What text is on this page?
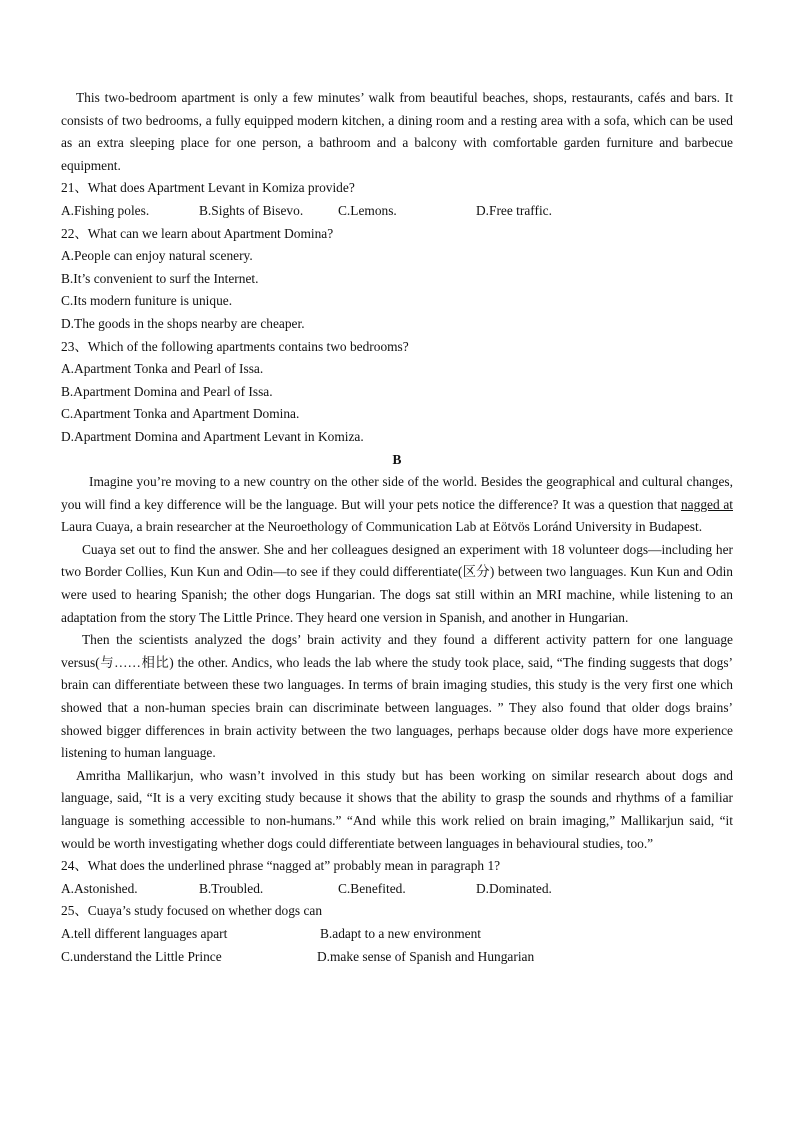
This two-bedroom apartment is only a few minutes’ walk from beautiful beaches, shops, restaurants, cafés and bars. It consists of two bedrooms, a fully equipped modern kitchen, a dining room and a resting area with a sofa, which can be used as an extra sleeping place for one person, a bathroom and a balcony with comfortable garden furniture and barbecue equipment.

21、What does Apartment Levant in Komiza provide?

A.Fishing poles.	B.Sights of Bisevo.	C.Lemons.	D.Free traffic.

22、What can we learn about Apartment Domina?

A.People can enjoy natural scenery.

B.It’s convenient to surf the Internet.

C.Its modern funiture is unique.

D.The goods in the shops nearby are cheaper.

23、Which of the following apartments contains two bedrooms?

A.Apartment Tonka and Pearl of Issa.

B.Apartment Domina and Pearl of Issa.

C.Apartment Tonka and Apartment Domina.

D.Apartment Domina and Apartment Levant in Komiza.

B

Imagine you’re moving to a new country on the other side of the world. Besides the geographical and cultural changes, you will find a key difference will be the language. But will your pets notice the difference? It was a question that nagged at Laura Cuaya, a brain researcher at the Neuroethology of Communication Lab at Eötvös Loránd University in Budapest.

Cuaya set out to find the answer. She and her colleagues designed an experiment with 18 volunteer dogs—including her two Border Collies, Kun Kun and Odin—to see if they could differentiate(区分) between two languages. Kun Kun and Odin were used to hearing Spanish; the other dogs Hungarian. The dogs sat still within an MRI machine, while listening to an adaptation from the story The Little Prince. They heard one version in Spanish, and another in Hungarian.

Then the scientists analyzed the dogs’ brain activity and they found a different activity pattern for one language versus(与……相比) the other. Andics, who leads the lab where the study took place, said, “The finding suggests that dogs’ brain can differentiate between these two languages. In terms of brain imaging studies, this study is the very first one which showed that a non-human species brain can discriminate between languages. ” They also found that older dogs brains’ showed bigger differences in brain activity between the two languages, perhaps because older dogs have more experience listening to human language.

Amritha Mallikarjun, who wasn’t involved in this study but has been working on similar research about dogs and language, said, “It is a very exciting study because it shows that the ability to grasp the sounds and rhythms of a familiar language is something accessible to non-humans.” “And while this work relied on brain imaging,” Mallikarjun said, “it would be worth investigating whether dogs could differentiate between languages in behavioural studies, too.”

24、What does the underlined phrase “nagged at” probably mean in paragraph 1?

A.Astonished.	B.Troubled.	C.Benefited.	D.Dominated.

25、Cuaya’s study focused on whether dogs can

A.tell different languages apart	B.adapt to a new environment
C.understand the Little Prince	D.make sense of Spanish and Hungarian
